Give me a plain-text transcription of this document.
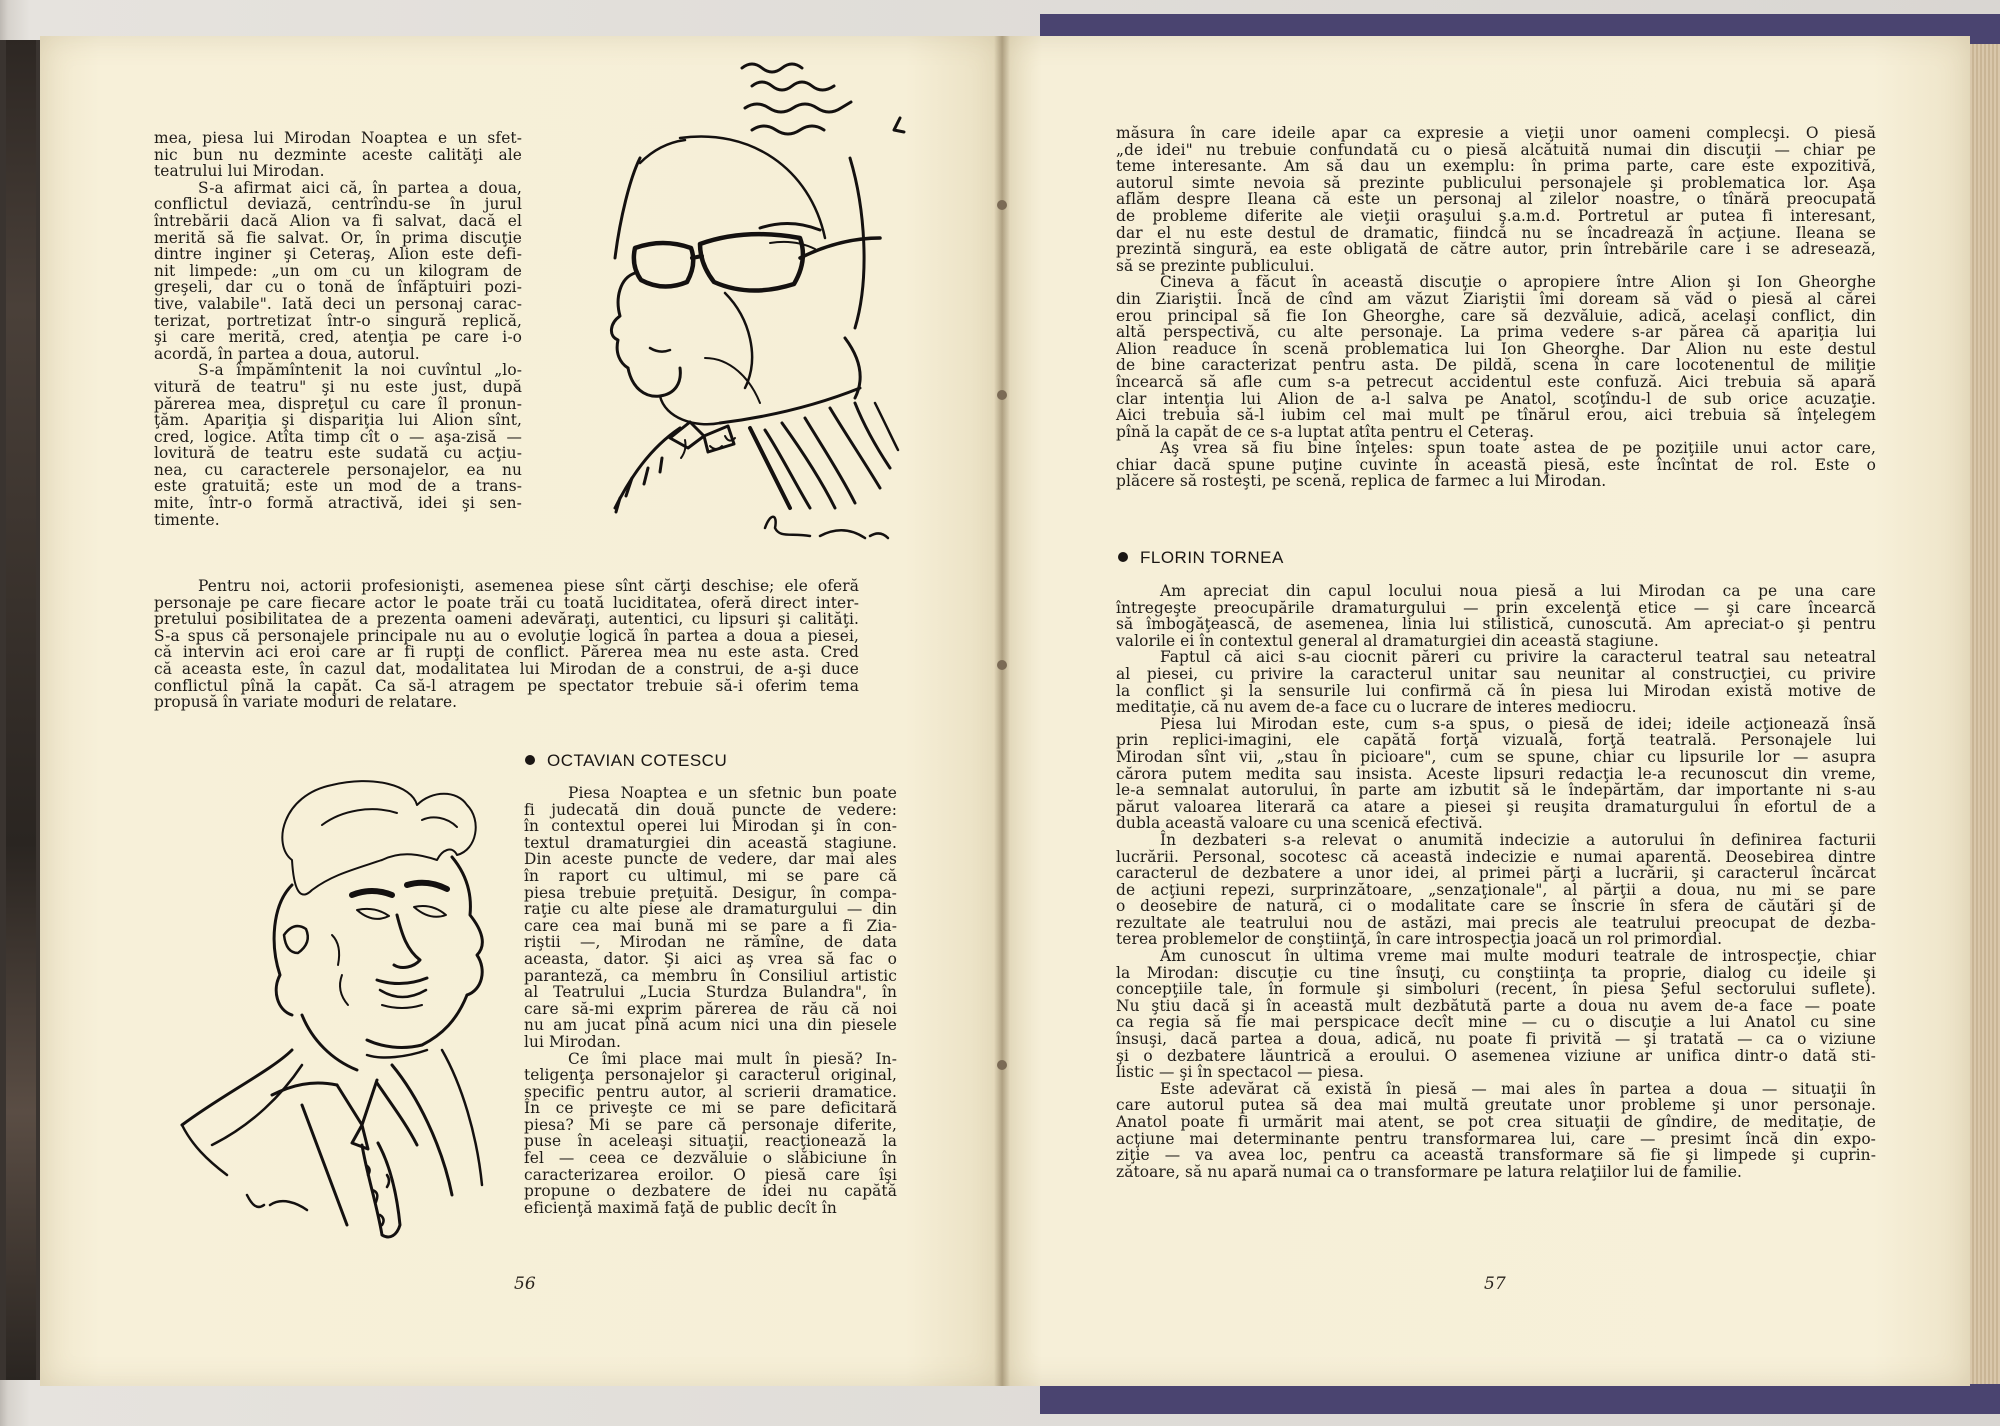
mea, piesa lui Mirodan Noaptea e un sfet-
nic bun nu dezminte aceste calităţi ale
teatrului lui Mirodan.
S-a afirmat aici că, în partea a doua,
conflictul deviază, centrîndu-se în jurul
întrebării dacă Alion va fi salvat, dacă el
merită să fie salvat. Or, în prima discuţie
dintre inginer şi Ceteraş, Alion este defi-
nit limpede: „un om cu un kilogram de
greşeli, dar cu o tonă de înfăptuiri pozi-
tive, valabile". Iată deci un personaj carac-
terizat, portretizat într-o singură replică,
şi care merită, cred, atenţia pe care i-o
acordă, în partea a doua, autorul.
S-a împămîntenit la noi cuvîntul „lo-
vitură de teatru" şi nu este just, după
părerea mea, dispreţul cu care îl pronun-
ţăm. Apariţia şi dispariţia lui Alion sînt,
cred, logice. Atîta timp cît o — aşa-zisă —
lovitură de teatru este sudată cu acţiu-
nea, cu caracterele personajelor, ea nu
este gratuită; este un mod de a trans-
mite, într-o formă atractivă, idei şi sen-
timente.
Pentru noi, actorii profesionişti, asemenea piese sînt cărţi deschise; ele oferă
personaje pe care fiecare actor le poate trăi cu toată luciditatea, oferă direct inter-
pretului posibilitatea de a prezenta oameni adevăraţi, autentici, cu lipsuri şi calităţi.
S-a spus că personajele principale nu au o evoluţie logică în partea a doua a piesei,
că intervin aci eroi care ar fi rupţi de conflict. Părerea mea nu este asta. Cred
că aceasta este, în cazul dat, modalitatea lui Mirodan de a construi, de a-şi duce
conflictul pînă la capăt. Ca să-l atragem pe spectator trebuie să-i oferim tema
propusă în variate moduri de relatare.
OCTAVIAN COTESCU
Piesa Noaptea e un sfetnic bun poate
fi judecată din două puncte de vedere:
în contextul operei lui Mirodan şi în con-
textul dramaturgiei din această stagiune.
Din aceste puncte de vedere, dar mai ales
în raport cu ultimul, mi se pare că
piesa trebuie preţuită. Desigur, în compa-
raţie cu alte piese ale dramaturgului — din
care cea mai bună mi se pare a fi Zia-
riştii —, Mirodan ne rămîne, de data
aceasta, dator. Şi aici aş vrea să fac o
paranteză, ca membru în Consiliul artistic
al Teatrului „Lucia Sturdza Bulandra", în
care să-mi exprim părerea de rău că noi
nu am jucat pînă acum nici una din piesele
lui Mirodan.
Ce îmi place mai mult în piesă? In-
teligenţa personajelor şi caracterul original,
specific pentru autor, al scrierii dramatice.
În ce priveşte ce mi se pare deficitară
piesa? Mi se pare că personaje diferite,
puse în aceleaşi situaţii, reacţionează la
fel — ceea ce dezvăluie o slăbiciune în
caracterizarea eroilor. O piesă care îşi
propune o dezbatere de idei nu capătă
eficienţă maximă faţă de public decît în
56
măsura în care ideile apar ca expresie a vieţii unor oameni complecşi. O piesă
„de idei" nu trebuie confundată cu o piesă alcătuită numai din discuţii — chiar pe
teme interesante. Am să dau un exemplu: în prima parte, care este expozitivă,
autorul simte nevoia să prezinte publicului personajele şi problematica lor. Aşa
aflăm despre Ileana că este un personaj al zilelor noastre, o tînără preocupată
de probleme diferite ale vieţii oraşului ş.a.m.d. Portretul ar putea fi interesant,
dar el nu este destul de dramatic, fiindcă nu se încadrează în acţiune. Ileana se
prezintă singură, ea este obligată de către autor, prin întrebările care i se adresează,
să se prezinte publicului.
Cineva a făcut în această discuţie o apropiere între Alion şi Ion Gheorghe
din Ziariştii. Încă de cînd am văzut Ziariştii îmi doream să văd o piesă al cărei
erou principal să fie Ion Gheorghe, care să dezvăluie, adică, acelaşi conflict, din
altă perspectivă, cu alte personaje. La prima vedere s-ar părea că apariţia lui
Alion readuce în scenă problematica lui Ion Gheorghe. Dar Alion nu este destul
de bine caracterizat pentru asta. De pildă, scena în care locotenentul de miliţie
încearcă să afle cum s-a petrecut accidentul este confuză. Aici trebuia să apară
clar intenţia lui Alion de a-l salva pe Anatol, scoţîndu-l de sub orice acuzaţie.
Aici trebuia să-l iubim cel mai mult pe tînărul erou, aici trebuia să înţelegem
pînă la capăt de ce s-a luptat atîta pentru el Ceteraş.
Aş vrea să fiu bine înţeles: spun toate astea de pe poziţiile unui actor care,
chiar dacă spune puţine cuvinte în această piesă, este încîntat de rol. Este o
plăcere să rosteşti, pe scenă, replica de farmec a lui Mirodan.
FLORIN TORNEA
Am apreciat din capul locului noua piesă a lui Mirodan ca pe una care
întregeşte preocupările dramaturgului — prin excelenţă etice — şi care încearcă
să îmbogăţească, de asemenea, linia lui stilistică, cunoscută. Am apreciat-o şi pentru
valorile ei în contextul general al dramaturgiei din această stagiune.
Faptul că aici s-au ciocnit păreri cu privire la caracterul teatral sau neteatral
al piesei, cu privire la caracterul unitar sau neunitar al construcţiei, cu privire
la conflict şi la sensurile lui confirmă că în piesa lui Mirodan există motive de
meditaţie, că nu avem de-a face cu o lucrare de interes mediocru.
Piesa lui Mirodan este, cum s-a spus, o piesă de idei; ideile acţionează însă
prin replici-imagini, ele capătă forţă vizuală, forţă teatrală. Personajele lui
Mirodan sînt vii, „stau în picioare", cum se spune, chiar cu lipsurile lor — asupra
cărora putem medita sau insista. Aceste lipsuri redacţia le-a recunoscut din vreme,
le-a semnalat autorului, în parte am izbutit să le îndepărtăm, dar importante ni s-au
părut valoarea literară ca atare a piesei şi reuşita dramaturgului în efortul de a
dubla această valoare cu una scenică efectivă.
În dezbateri s-a relevat o anumită indecizie a autorului în definirea facturii
lucrării. Personal, socotesc că această indecizie e numai aparentă. Deosebirea dintre
caracterul de dezbatere a unor idei, al primei părţi a lucrării, şi caracterul încărcat
de acţiuni repezi, surprinzătoare, „senzaţionale", al părţii a doua, nu mi se pare
o deosebire de natură, ci o modalitate care se înscrie în sfera de căutări şi de
rezultate ale teatrului nou de astăzi, mai precis ale teatrului preocupat de dezba-
terea problemelor de conştiinţă, în care introspecţia joacă un rol primordial.
Am cunoscut în ultima vreme mai multe moduri teatrale de introspecţie, chiar
la Mirodan: discuţie cu tine însuţi, cu conştiinţa ta proprie, dialog cu ideile şi
concepţiile tale, în formule şi simboluri (recent, în piesa Şeful sectorului suflete).
Nu ştiu dacă şi în această mult dezbătută parte a doua nu avem de-a face — poate
ca regia să fie mai perspicace decît mine — cu o discuţie a lui Anatol cu sine
însuşi, dacă partea a doua, adică, nu poate fi privită — şi tratată — ca o viziune
şi o dezbatere lăuntrică a eroului. O asemenea viziune ar unifica dintr-o dată sti-
listic — şi în spectacol — piesa.
Este adevărat că există în piesă — mai ales în partea a doua — situaţii în
care autorul putea să dea mai multă greutate unor probleme şi unor personaje.
Anatol poate fi urmărit mai atent, se pot crea situaţii de gîndire, de meditaţie, de
acţiune mai determinante pentru transformarea lui, care — presimt încă din expo-
ziţie — va avea loc, pentru ca această transformare să fie şi limpede şi cuprin-
zătoare, să nu apară numai ca o transformare pe latura relaţiilor lui de familie.
57
